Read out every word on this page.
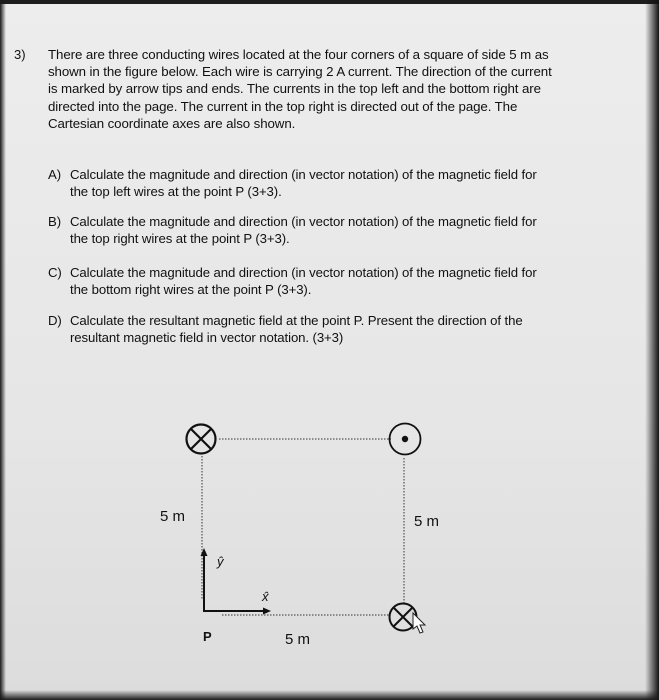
3) There are three conducting wires located at the four corners of a square of side 5 m as

shown in the figure below. Each wire is carrying 2 A current. The direction of the current

is marked by arrow tips and ends. The currents in the top left and the bottom right are

directed into the page. The current in the top right is directed out of the page. The

Cartesian coordinate axes are also shown.

A) Calculate the magnitude and direction (in vector notation) of the magnetic field for
the top left wires at the point P (3+3).
B) Calculate the magnitude and direction (in vector notation) of the magnetic field for
the top right wires at the point P (3+3).
C) Calculate the magnitude and direction (in vector notation) of the magnetic field for
the bottom right wires at the point P (3+3).
D) Calculate the resultant magnetic field at the point P. Present the direction of the
resultant magnetic field in vector notation. (3+3)
5 m	5 m
5 m
P
ŷ
x̂
